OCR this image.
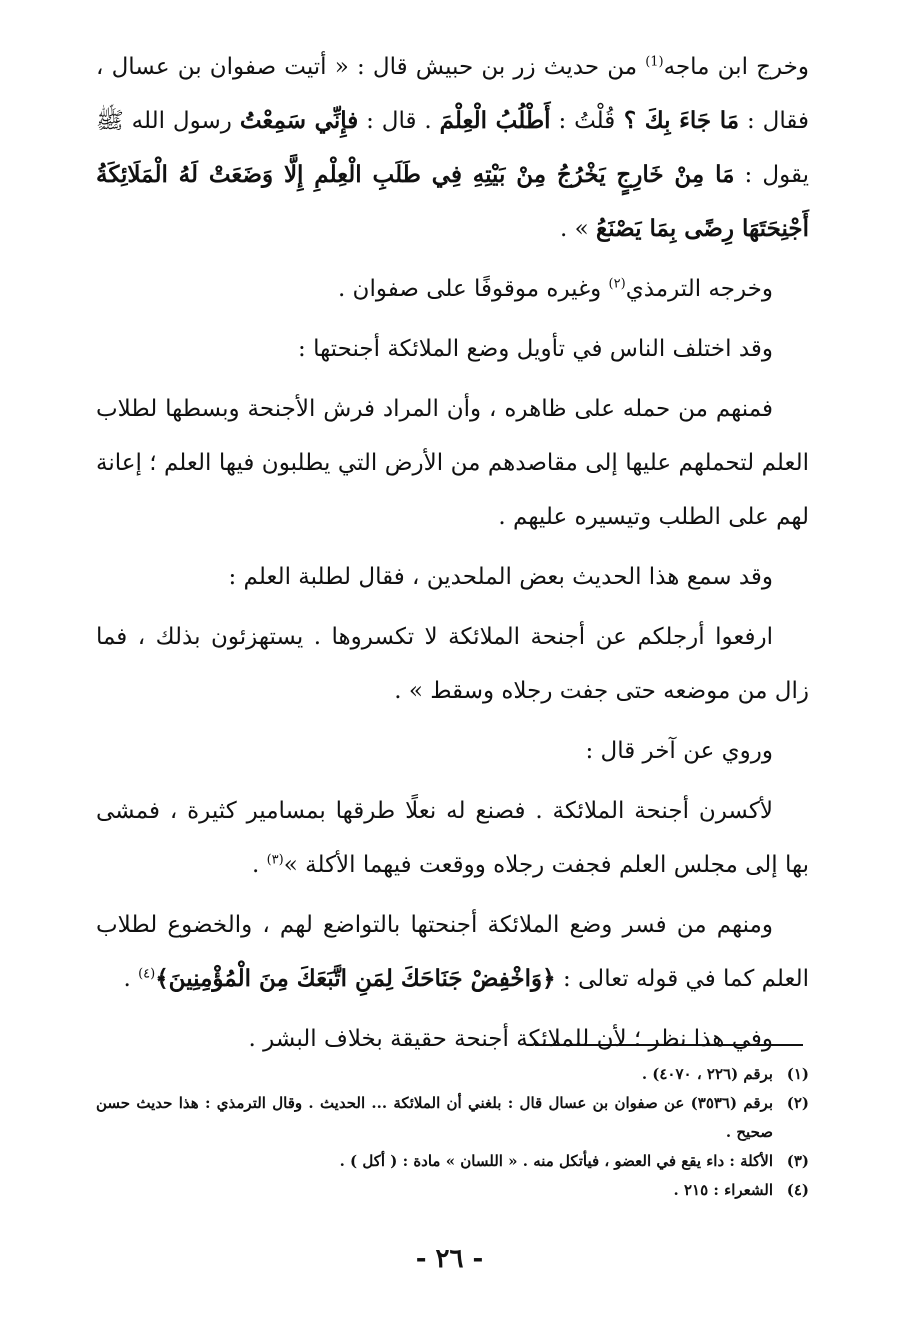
وخرج ابن ماجه$^{(1)}$ من حديث زر بن حبيش قال : « أتيت صفوان بن عسال ، فقال : مَا جَاءَ بِكَ ؟ قُلْتُ : أَطْلُبُ الْعِلْمَ . قال : فإِنِّي سَمِعْتُ رسول الله ﷺ يقول : مَا مِنْ خَارِجٍ يَخْرُجُ مِنْ بَيْتِهِ فِي طَلَبِ الْعِلْمِ إِلَّا وَضَعَتْ لَهُ الْمَلَائِكَةُ أَجْنِحَتَهَا رِضًى بِمَا يَصْنَعُ » .

وخرجه الترمذي$^{(٢)}$ وغيره موقوفًا على صفوان .

وقد اختلف الناس في تأويل وضع الملائكة أجنحتها :

فمنهم من حمله على ظاهره ، وأن المراد فرش الأجنحة وبسطها لطلاب العلم لتحملهم عليها إلى مقاصدهم من الأرض التي يطلبون فيها العلم ؛ إعانة لهم على الطلب وتيسيره عليهم .

وقد سمع هذا الحديث بعض الملحدين ، فقال لطلبة العلم :

ارفعوا أرجلكم عن أجنحة الملائكة لا تكسروها . يستهزئون بذلك ، فما زال من موضعه حتى جفت رجلاه وسقط » .

وروي عن آخر قال :

لأكسرن أجنحة الملائكة . فصنع له نعلًا طرقها بمسامير كثيرة ، فمشى بها إلى مجلس العلم فجفت رجلاه ووقعت فيهما الأكلة »$^{(٣)}$ .

ومنهم من فسر وضع الملائكة أجنحتها بالتواضع لهم ، والخضوع لطلاب العلم كما في قوله تعالى : ﴿وَاخْفِضْ جَنَاحَكَ لِمَنِ اتَّبَعَكَ مِنَ الْمُؤْمِنِينَ﴾$^{(٤)}$ .

وفي هذا نظر ؛ لأن للملائكة أجنحة حقيقة بخلاف البشر .

(١)
برقم (٢٢٦ ، ٤٠٧٠) .
(٢)
برقم (٣٥٣٦) عن صفوان بن عسال قال : بلغني أن الملائكة ... الحديث . وقال الترمذي : هذا حديث حسن صحيح .
(٣)
الأكلة : داء يقع في العضو ، فيأتكل منه . « اللسان » مادة : ( أكل ) .
(٤)
الشعراء : ٢١٥ .
- ٢٦ -
